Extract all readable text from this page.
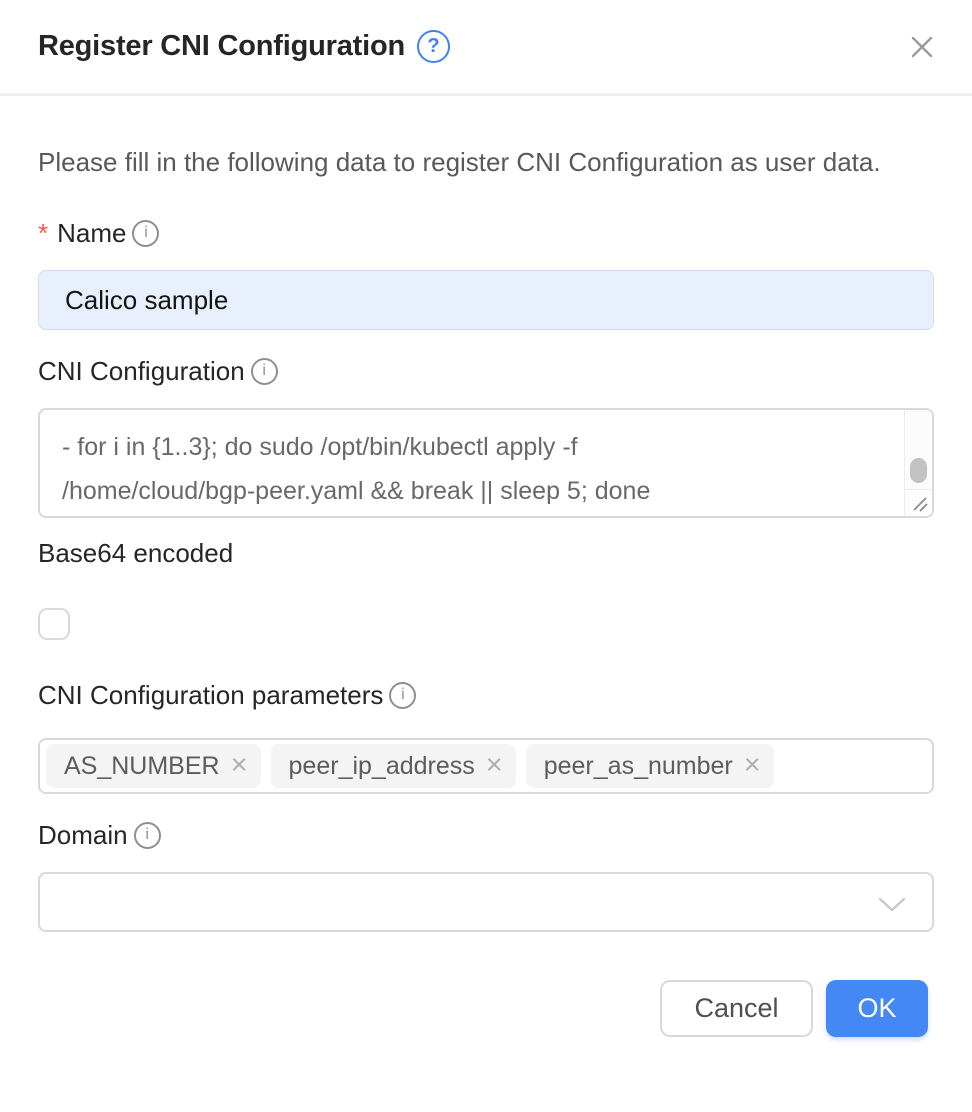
Register CNI Configuration	?

Please fill in the following data to register CNI Configuration as user data.

* Name	i
Calico sample
CNI Configuration	i
- for i in {1..3}; do sudo /opt/bin/kubectl apply -f
/home/cloud/bgp-peer.yaml && break || sleep 5; done
Base64 encoded
CNI Configuration parameters	i
AS_NUMBER × peer_ip_address × peer_as_number ×
Domain	i
Cancel	OK
